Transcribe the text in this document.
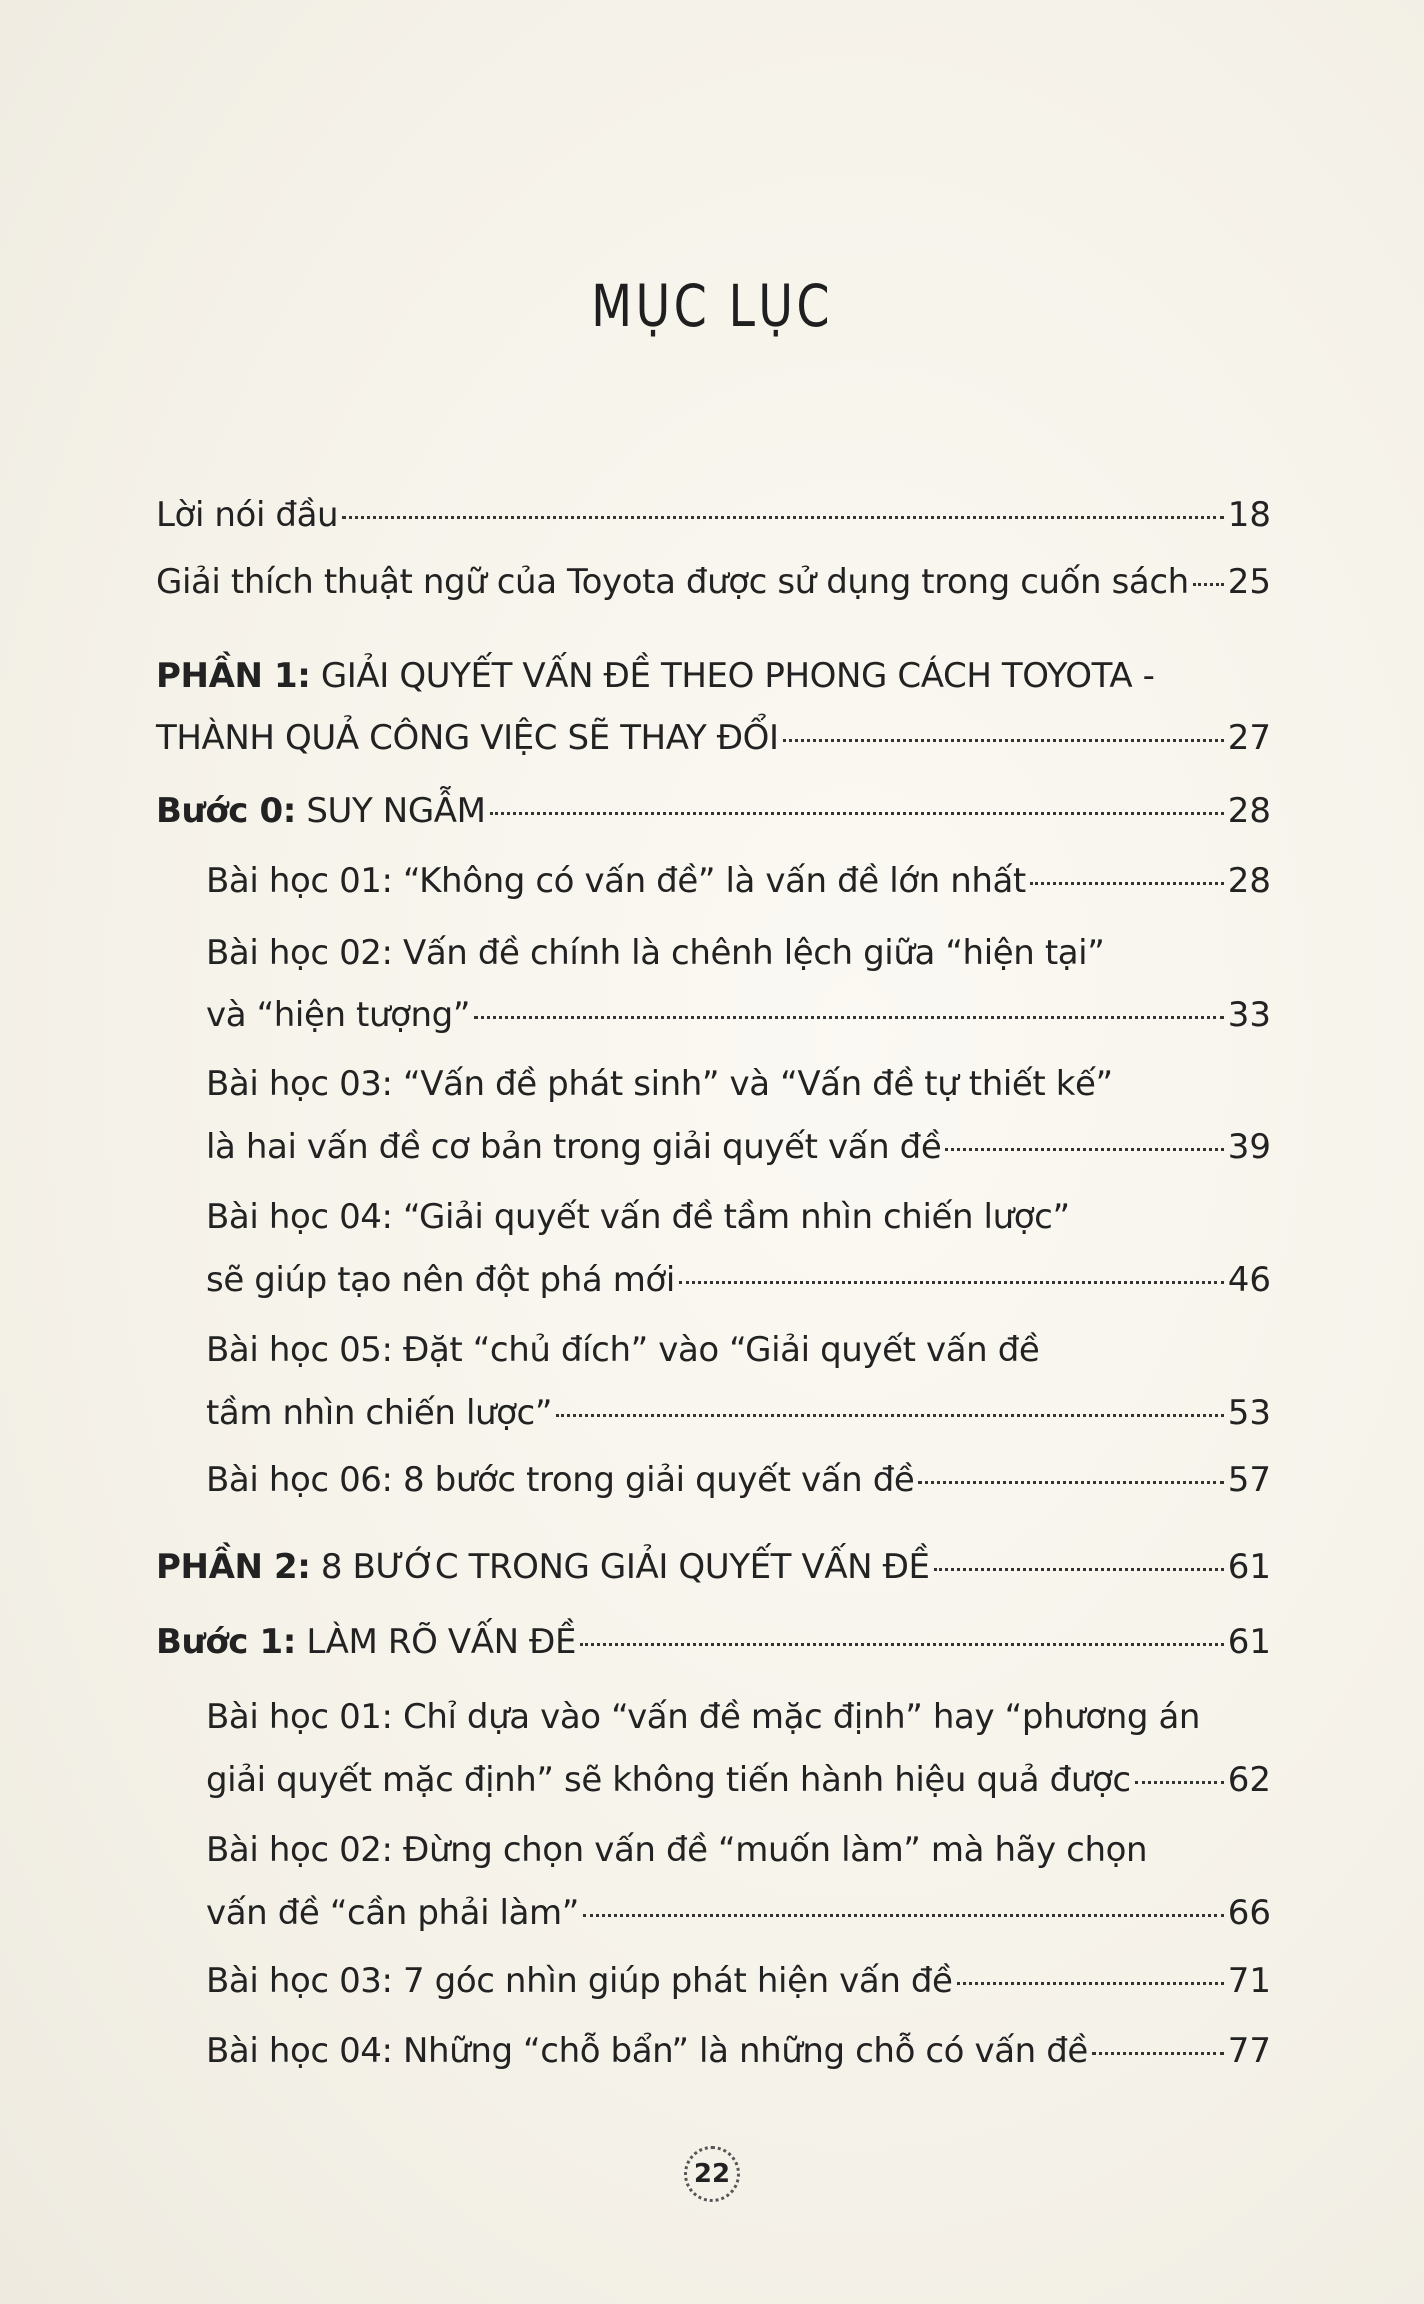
MỤC LỤC
Lời nói đầu	18
Giải thích thuật ngữ của Toyota được sử dụng trong cuốn sách 25
PHẦN 1: GIẢI QUYẾT VẤN ĐỀ THEO PHONG CÁCH TOYOTA -
THÀNH QUẢ CÔNG VIỆC SẼ THAY ĐỔI	27
Bước 0: SUY NGẪM	28
Bài học 01: “Không có vấn đề” là vấn đề lớn nhất	28
Bài học 02: Vấn đề chính là chênh lệch giữa “hiện tại”
và “hiện tượng”	33
Bài học 03: “Vấn đề phát sinh” và “Vấn đề tự thiết kế”
là hai vấn đề cơ bản trong giải quyết vấn đề	39
Bài học 04: “Giải quyết vấn đề tầm nhìn chiến lược”
sẽ giúp tạo nên đột phá mới	46
Bài học 05: Đặt “chủ đích” vào “Giải quyết vấn đề
tầm nhìn chiến lược”	53
Bài học 06: 8 bước trong giải quyết vấn đề	57
PHẦN 2: 8 BƯỚC TRONG GIẢI QUYẾT VẤN ĐỀ	61
Bước 1: LÀM RÕ VẤN ĐỀ	61
Bài học 01: Chỉ dựa vào “vấn đề mặc định” hay “phương án
giải quyết mặc định” sẽ không tiến hành hiệu quả được	62
Bài học 02: Đừng chọn vấn đề “muốn làm” mà hãy chọn
vấn đề “cần phải làm”	66
Bài học 03: 7 góc nhìn giúp phát hiện vấn đề	71
Bài học 04: Những “chỗ bẩn” là những chỗ có vấn đề	77
22
